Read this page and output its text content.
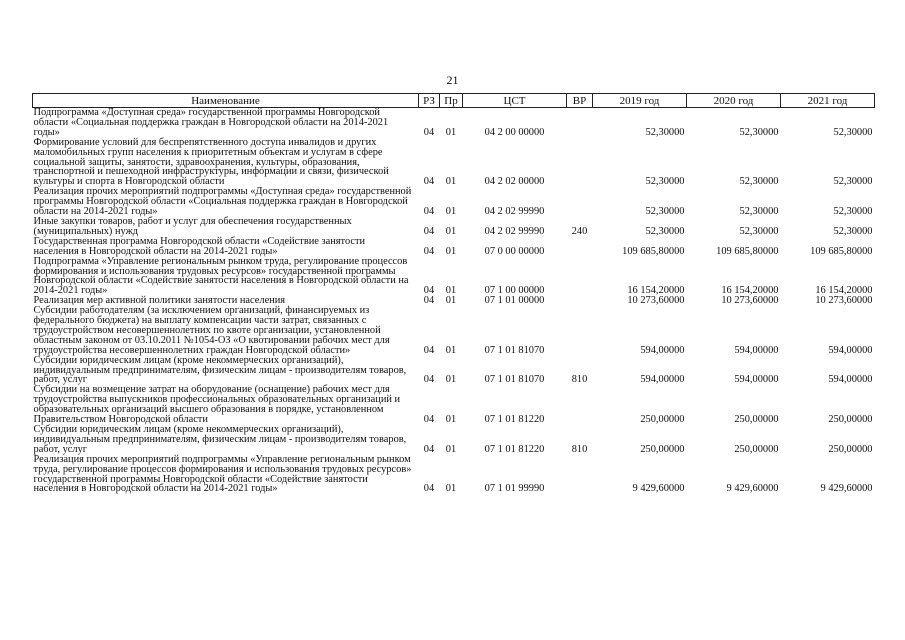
21
Наименование	РЗ	Пр	ЦСТ	ВР	2019 год	2020 год	2021 год
Подпрограмма «Доступная среда» государственной программы Новгородской области «Социальная поддержка граждан в Новгородской области на 2014-2021 годы»	04	01	04 2 00 00000		52,30000	52,30000	52,30000
Формирование условий для беспрепятственного доступа инвалидов и других маломобильных групп населения к приоритетным объектам и услугам в сфере социальной защиты, занятости, здравоохранения, культуры, образования, транспортной и пешеходной инфраструктуры, информации и связи, физической культуры и спорта в Новгородской области	04	01	04 2 02 00000		52,30000	52,30000	52,30000
Реализация прочих мероприятий подпрограммы «Доступная среда» государственной программы Новгородской области «Социальная поддержка граждан в Новгородской области на 2014-2021 годы»	04	01	04 2 02 99990		52,30000	52,30000	52,30000
Иные закупки товаров, работ и услуг для обеспечения государственных (муниципальных) нужд	04	01	04 2 02 99990	240	52,30000	52,30000	52,30000
Государственная программа Новгородской области «Содействие занятости населения в Новгородской области на 2014-2021 годы»	04	01	07 0 00 00000		109 685,80000	109 685,80000	109 685,80000
Подпрограмма «Управление региональным рынком труда, регулирование процессов формирования и использования трудовых ресурсов» государственной программы Новгородской области «Содействие занятости населения в Новгородской области на 2014-2021 годы»	04	01	07 1 00 00000		16 154,20000	16 154,20000	16 154,20000
Реализация мер активной политики занятости населения	04	01	07 1 01 00000		10 273,60000	10 273,60000	10 273,60000
Субсидии работодателям (за исключением организаций, финансируемых из федерального бюджета) на выплату компенсации части затрат, связанных с трудоустройством несовершеннолетних по квоте организации, установленной областным законом от 03.10.2011 №1054-ОЗ «О квотировании рабочих мест для трудоустройства несовершеннолетних граждан Новгородской области»	04	01	07 1 01 81070		594,00000	594,00000	594,00000
Субсидии юридическим лицам (кроме некоммерческих организаций), индивидуальным предпринимателям, физическим лицам - производителям товаров, работ, услуг	04	01	07 1 01 81070	810	594,00000	594,00000	594,00000
Субсидии на возмещение затрат на оборудование (оснащение) рабочих мест для трудоустройства выпускников профессиональных образовательных организаций и образовательных организаций высшего образования в порядке, установленном Правительством Новгородской области	04	01	07 1 01 81220		250,00000	250,00000	250,00000
Субсидии юридическим лицам (кроме некоммерческих организаций), индивидуальным предпринимателям, физическим лицам - производителям товаров, работ, услуг	04	01	07 1 01 81220	810	250,00000	250,00000	250,00000
Реализация прочих мероприятий подпрограммы «Управление региональным рынком труда, регулирование процессов формирования и использования трудовых ресурсов» государственной программы Новгородской области «Содействие занятости населения в Новгородской области на 2014-2021 годы»	04	01	07 1 01 99990		9 429,60000	9 429,60000	9 429,60000
